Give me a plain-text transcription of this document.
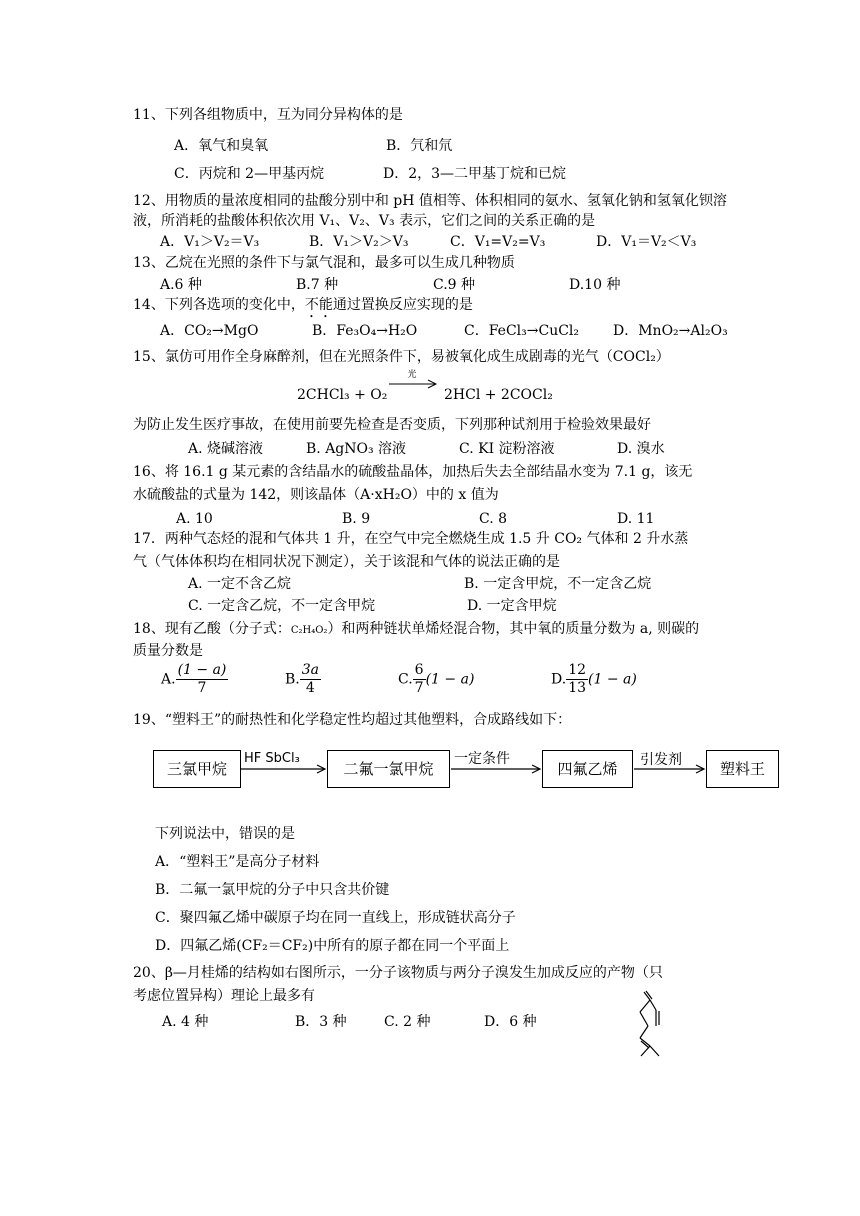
11、下列各组物质中，互为同分异构体的是
A．氧气和臭氧	B．氕和氘
C．丙烷和 2—甲基丙烷	D．2，3—二甲基丁烷和已烷
12、用物质的量浓度相同的盐酸分别中和 pH 值相等、体积相同的氨水、氢氧化钠和氢氧化钡溶
液，所消耗的盐酸体积依次用 V₁、V₂、V₃ 表示，它们之间的关系正确的是
A．V₁＞V₂＝V₃	B．V₁＞V₂＞V₃	C．V₁=V₂=V₃	D．V₁＝V₂＜V₃
13、乙烷在光照的条件下与氯气混和，最多可以生成几种物质
A.6 种	B.7 种	C.9 种	D.10 种
14、下列各选项的变化中，不能通过置换反应实现的是
A．CO₂→MgO	B．Fe₃O₄→H₂O	C．FeCl₃→CuCl₂ D．MnO₂→Al₂O₃
15、氯仿可用作全身麻醉剂，但在光照条件下，易被氧化成生成剧毒的光气（COCl₂）
2CHCl₃ + O₂
光
2HCl + 2COCl₂
为防止发生医疗事故，在使用前要先检查是否变质，下列那种试剂用于检验效果最好
A. 烧碱溶液	B. AgNO₃ 溶液	C. KI 淀粉溶液	D. 溴水
16、将 16.1 g 某元素的含结晶水的硫酸盐晶体，加热后失去全部结晶水变为 7.1 g，该无
水硫酸盐的式量为 142，则该晶体（A·xH₂O）中的 x 值为
A. 10	B. 9	C. 8	D. 11
17．两种气态烃的混和气体共 1 升，在空气中完全燃烧生成 1.5 升 CO₂ 气体和 2 升水蒸
气（气体体积均在相同状况下测定），关于该混和气体的说法正确的是
A. 一定不含乙烷	B. 一定含甲烷，不一定含乙烷
C. 一定含乙烷，不一定含甲烷	D. 一定含甲烷
18、现有乙酸（分子式：C₂H₄O₂）和两种链状单烯烃混合物，其中氧的质量分数为 a, 则碳的
质量分数是
A. $\frac{(1 - a)}{7}$	B. $\frac{3a}{4}$	C. $\frac{6}{7} (1 - a)$	D. $\frac{12}{13} (1 - a)$
19、“塑料王”的耐热性和化学稳定性均超过其他塑料，合成路线如下：
三氯甲烷	二氟一氯甲烷	四氟乙烯	塑料王
HF SbCl₃	一定条件	引发剂
下列说法中，错误的是
A．“塑料王”是高分子材料
B．二氟一氯甲烷的分子中只含共价键
C．聚四氟乙烯中碳原子均在同一直线上，形成链状高分子
D．四氟乙烯(CF₂＝CF₂)中所有的原子都在同一个平面上
20、β—月桂烯的结构如右图所示，一分子该物质与两分子溴发生加成反应的产物（只
考虑位置异构）理论上最多有
A. 4 种	B．3 种	C. 2 种	D．6 种
